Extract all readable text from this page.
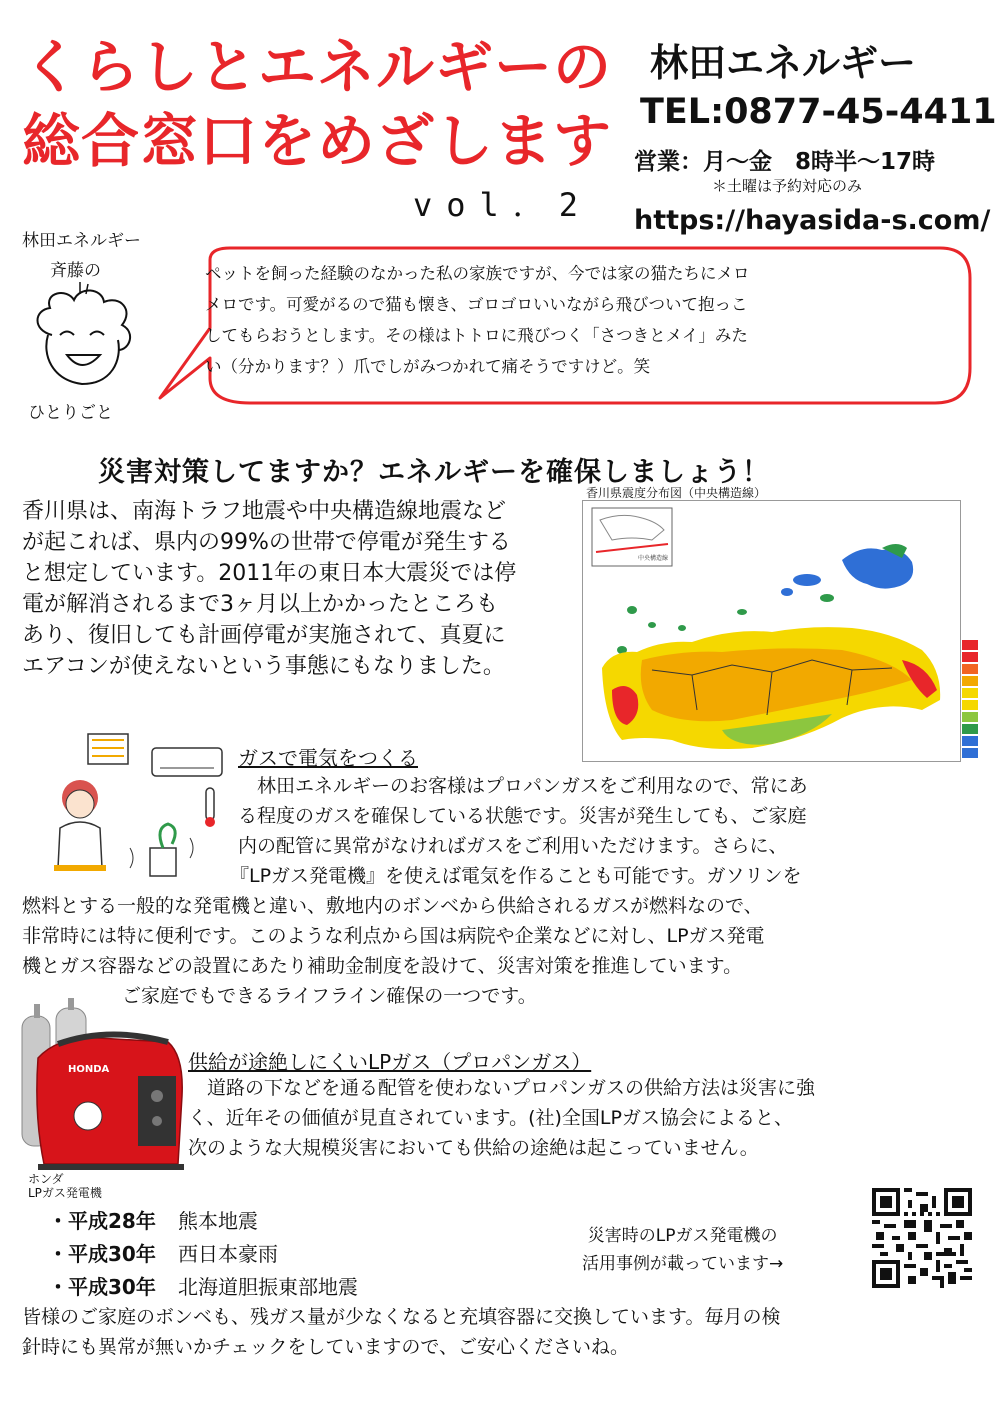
くらしとエネルギーの
総合窓口をめざします
vol．2
林田エネルギー
TEL:0877-45-4411
営業：月〜金　8時半〜17時
＊土曜は予約対応のみ
https://hayasida-s.com/
林田エネルギー
斉藤の
ひとりごと
ペットを飼った経験のなかった私の家族ですが、今では家の猫たちにメロ
メロです。可愛がるので猫も懐き、ゴロゴロいいながら飛びついて抱っこ
してもらおうとします。その様はトトロに飛びつく「さつきとメイ」みた
い（分かります？）爪でしがみつかれて痛そうですけど。笑
災害対策してますか？エネルギーを確保しましょう！
香川県は、南海トラフ地震や中央構造線地震など
が起これば、県内の99%の世帯で停電が発生する
と想定しています。2011年の東日本大震災では停
電が解消されるまで3ヶ月以上かかったところも
あり、復旧しても計画停電が実施されて、真夏に
エアコンが使えないという事態にもなりました。
香川県震度分布図（中央構造線）
中央構造線
ガスで電気をつくる
　林田エネルギーのお客様はプロパンガスをご利用なので、常にあ
る程度のガスを確保している状態です。災害が発生しても、ご家庭
内の配管に異常がなければガスをご利用いただけます。さらに、
『LPガス発電機』を使えば電気を作ることも可能です。ガソリンを
燃料とする一般的な発電機と違い、敷地内のボンベから供給されるガスが燃料なので、
非常時には特に便利です。このような利点から国は病院や企業などに対し、LPガス発電
機とガス容器などの設置にあたり補助金制度を設けて、災害対策を推進しています。
ご家庭でもできるライフライン確保の一つです。
HONDA
ホンダ
LPガス発電機
供給が途絶しにくいLPガス（プロパンガス）
　道路の下などを通る配管を使わないプロパンガスの供給方法は災害に強
く、近年その価値が見直されています。(社)全国LPガス協会によると、
次のような大規模災害においても供給の途絶は起こっていません。
・平成28年 熊本地震
・平成30年 西日本豪雨
・平成30年 北海道胆振東部地震
災害時のLPガス発電機の
活用事例が載っています→
皆様のご家庭のボンベも、残ガス量が少なくなると充填容器に交換しています。毎月の検
針時にも異常が無いかチェックをしていますので、ご安心くださいね。
